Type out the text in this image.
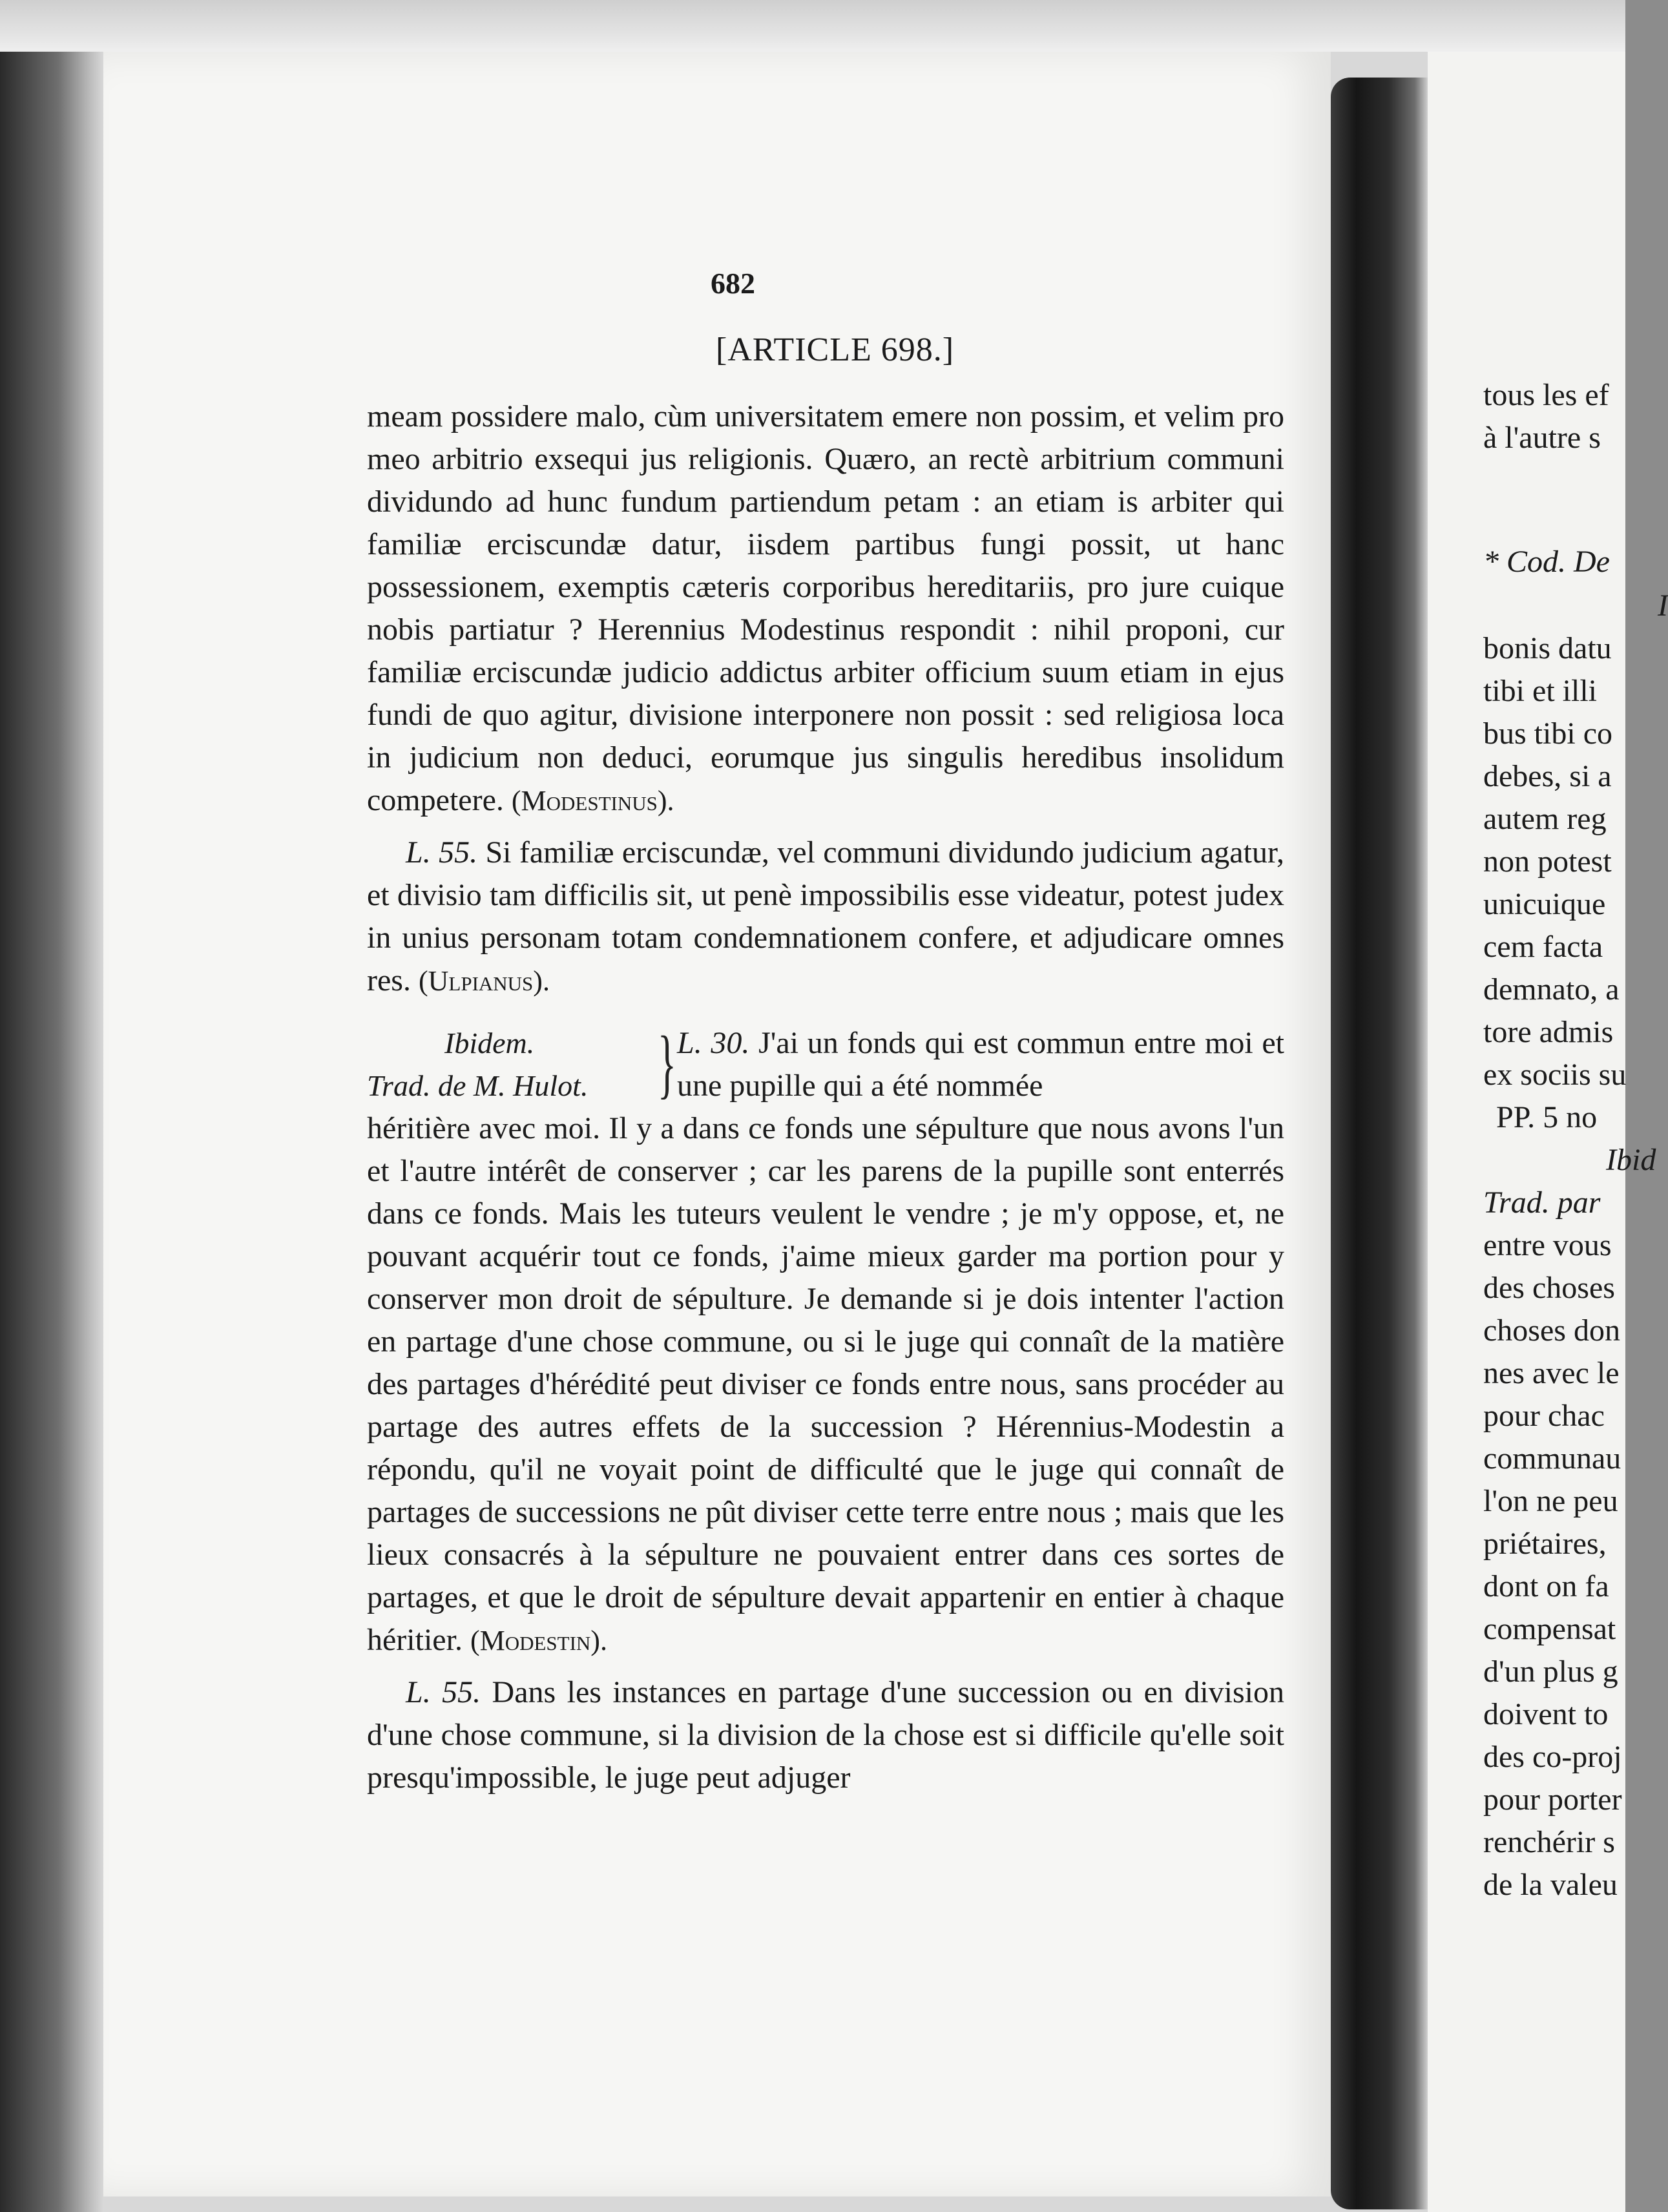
682
[ARTICLE 698.]

meam possidere malo, cùm universitatem emere non possim, et velim pro meo arbitrio exsequi jus religionis. Quæro, an rectè arbitrium communi dividundo ad hunc fundum partiendum petam : an etiam is arbiter qui familiæ erciscundæ datur, iisdem partibus fungi possit, ut hanc possessionem, exemptis cæteris corporibus hereditariis, pro jure cuique nobis partiatur ? Herennius Modestinus respondit : nihil proponi, cur familiæ erciscundæ judicio addictus arbiter officium suum etiam in ejus fundi de quo agitur, divisione interponere non possit : sed religiosa loca in judicium non deduci, eorumque jus singulis heredibus insolidum competere. (Modestinus).

L. 55. Si familiæ erciscundæ, vel communi dividundo judicium agatur, et divisio tam difficilis sit, ut penè impossibilis esse videatur, potest judex in unius personam totam condemnationem confere, et adjudicare omnes res. (Ulpianus).

Ibidem.
Trad. de M. Hulot. } L. 30. J'ai un fonds qui est commun entre moi et une pupille qui a été nommée

héritière avec moi. Il y a dans ce fonds une sépulture que nous avons l'un et l'autre intérêt de conserver ; car les parens de la pupille sont enterrés dans ce fonds. Mais les tuteurs veulent le vendre ; je m'y oppose, et, ne pouvant acquérir tout ce fonds, j'aime mieux garder ma portion pour y conserver mon droit de sépulture. Je demande si je dois intenter l'action en partage d'une chose commune, ou si le juge qui connaît de la matière des partages d'hérédité peut diviser ce fonds entre nous, sans procéder au partage des autres effets de la succession ? Hérennius-Modestin a répondu, qu'il ne voyait point de difficulté que le juge qui connaît de partages de successions ne pût diviser cette terre entre nous ; mais que les lieux consacrés à la sépulture ne pouvaient entrer dans ces sortes de partages, et que le droit de sépulture devait appartenir en entier à chaque héritier. (Modestin).

L. 55. Dans les instances en partage d'une succession ou en division d'une chose commune, si la division de la chose est si difficile qu'elle soit presqu'impossible, le juge peut adjuger

tous les ef
à l'autre s
* Cod. De
I
bonis datu
tibi et illi
bus tibi co
debes, si a
autem reg
non potest
unicuique
cem facta
demnato, a
tore admis
ex sociis su
PP. 5 no
Ibid
Trad. par
entre vous
des choses
choses don
nes avec le
pour chac
communau
l'on ne peu
priétaires,
dont on fa
compensat
d'un plus g
doivent to
des co-proj
pour porter
renchérir s
de la valeu
